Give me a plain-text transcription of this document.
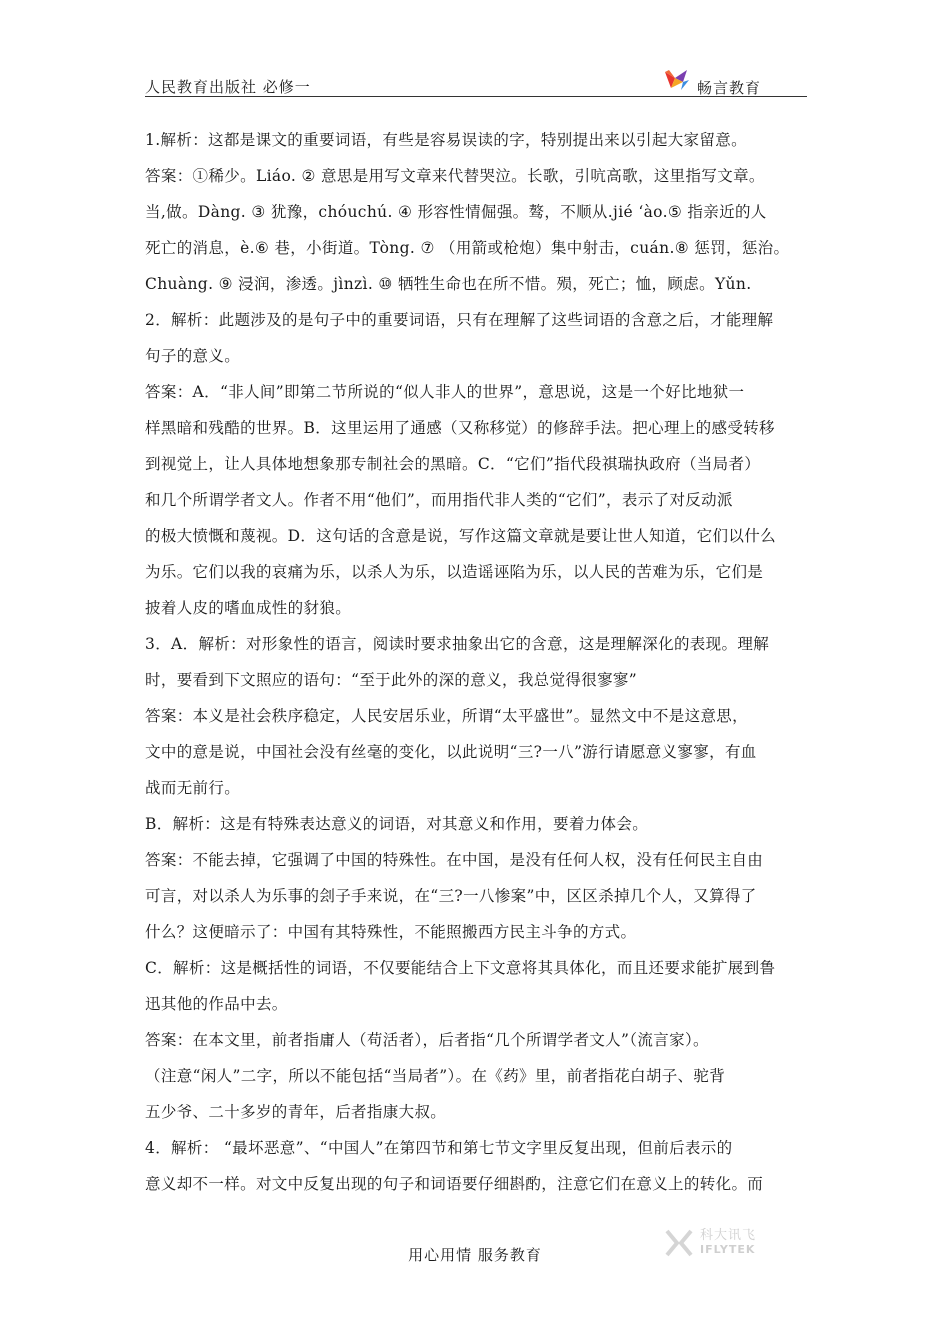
人民教育出版社 必修一	畅言教育
1.解析：这都是课文的重要词语，有些是容易误读的字，特别提出来以引起大家留意。
答案：①稀少。Liáo. ② 意思是用写文章来代替哭泣。长歌，引吭高歌，这里指写文章。
当,做。Dàng. ③ 犹豫，chóuchú. ④ 形容性情倔强。骜，不顺从.jié ‘ào.⑤ 指亲近的人
死亡的消息，è.⑥ 巷，小街道。Tòng. ⑦ （用箭或枪炮）集中射击，cuán.⑧ 惩罚，惩治。
Chuàng. ⑨ 浸润，渗透。jìnzì. ⑩ 牺牲生命也在所不惜。殒，死亡；恤，顾虑。Yǔn.
2．解析：此题涉及的是句子中的重要词语，只有在理解了这些词语的含意之后，才能理解
句子的意义。
答案：A．“非人间”即第二节所说的“似人非人的世界”，意思说，这是一个好比地狱一
样黑暗和残酷的世界。B．这里运用了通感（又称移觉）的修辞手法。把心理上的感受转移
到视觉上，让人具体地想象那专制社会的黑暗。C．“它们”指代段祺瑞执政府（当局者）
和几个所谓学者文人。作者不用“他们”，而用指代非人类的“它们”，表示了对反动派
的极大愤慨和蔑视。D．这句话的含意是说，写作这篇文章就是要让世人知道，它们以什么
为乐。它们以我的哀痛为乐，以杀人为乐，以造谣诬陷为乐，以人民的苦难为乐，它们是
披着人皮的嗜血成性的豺狼。
3．A．解析：对形象性的语言，阅读时要求抽象出它的含意，这是理解深化的表现。理解
时，要看到下文照应的语句：“至于此外的深的意义，我总觉得很寥寥”
答案：本义是社会秩序稳定，人民安居乐业，所谓“太平盛世”。显然文中不是这意思，
文中的意是说，中国社会没有丝毫的变化，以此说明“三?一八”游行请愿意义寥寥，有血
战而无前行。
B．解析：这是有特殊表达意义的词语，对其意义和作用，要着力体会。
答案：不能去掉，它强调了中国的特殊性。在中国，是没有任何人权，没有任何民主自由
可言，对以杀人为乐事的刽子手来说，在“三?一八惨案”中，区区杀掉几个人，又算得了
什么？这便暗示了：中国有其特殊性，不能照搬西方民主斗争的方式。
C．解析：这是概括性的词语，不仅要能结合上下文意将其具体化，而且还要求能扩展到鲁
迅其他的作品中去。
答案：在本文里，前者指庸人（苟活者），后者指“几个所谓学者文人”（流言家）。
（注意“闲人”二字，所以不能包括“当局者”）。在《药》里，前者指花白胡子、驼背
五少爷、二十多岁的青年，后者指康大叔。
4．解析： “最坏恶意”、“中国人”在第四节和第七节文字里反复出现，但前后表示的
意义却不一样。对文中反复出现的句子和词语要仔细斟酌，注意它们在意义上的转化。而
科大讯飞
IFLYTEK
用心用情 服务教育
